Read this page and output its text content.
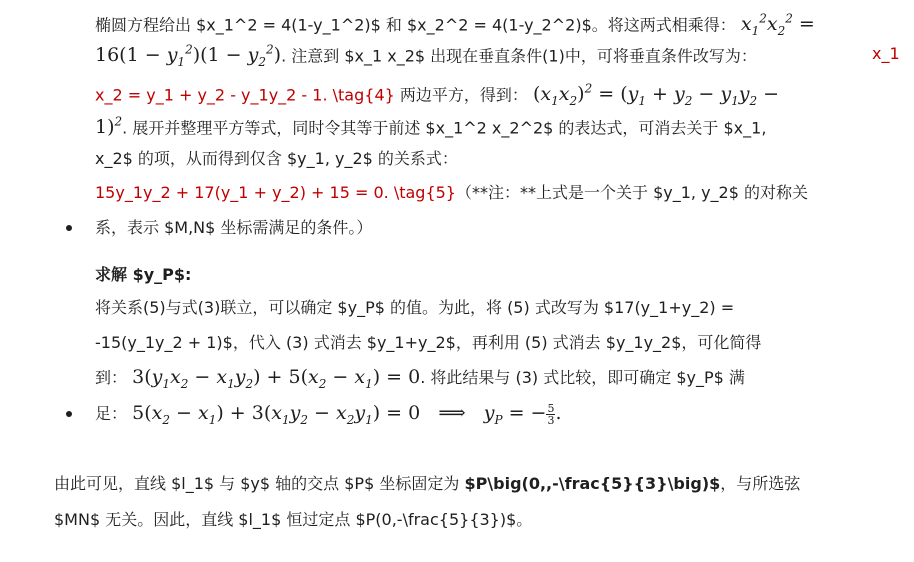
椭圆方程给出 $x_1^2 = 4(1-y_1^2)$ 和 $x_2^2 = 4(1-y_2^2)$。将这两式相乘得： $x_1^2x_2^2$ =
$16(1 - y_1^2)(1 - y_2^2)$. 注意到 $x_1 x_2$ 出现在垂直条件(1)中，可将垂直条件改写为：	x_1
x_2 = y_1 + y_2 - y_1y_2 - 1. \tag{4} 两边平方，得到： $(x_1x_2)^2 = (y_1 + y_2 - y_1y_2$ −
1)$^2$. 展开并整理平方等式，同时令其等于前述 $x_1^2 x_2^2$ 的表达式，可消去关于 $x_1,
x_2$ 的项，从而得到仅含 $y_1, y_2$ 的关系式：
15y_1y_2 + 17(y_1 + y_2) + 15 = 0. \tag{5}（**注：**上式是一个关于 $y_1, y_2$ 的对称关
系，表示 $M,N$ 坐标需满足的条件。）
求解 $y_P$:
将关系(5)与式(3)联立，可以确定 $y_P$ 的值。为此，将 (5) 式改写为 $17(y_1+y_2) =
-15(y_1y_2 + 1)$，代入 (3) 式消去 $y_1+y_2$，再利用 (5) 式消去 $y_1y_2$，可化简得
到： $3(y_1x_2 - x_1y_2) + 5(x_2 - x_1) = 0$. 将此结果与 (3) 式比较，即可确定 $y_P$ 满
足： $5(x_2 - x_1) + 3(x_1y_2 - x_2y_1) = 0$   ⟹   $y_P$ = − $\frac{5}{3}$ .
由此可见，直线 $l_1$ 与 $y$ 轴的交点 $P$ 坐标固定为 $P\big(0,,-\frac{5}{3}\big)$，与所选弦
$MN$ 无关。因此，直线 $l_1$ 恒过定点 $P(0,-\frac{5}{3})$。
